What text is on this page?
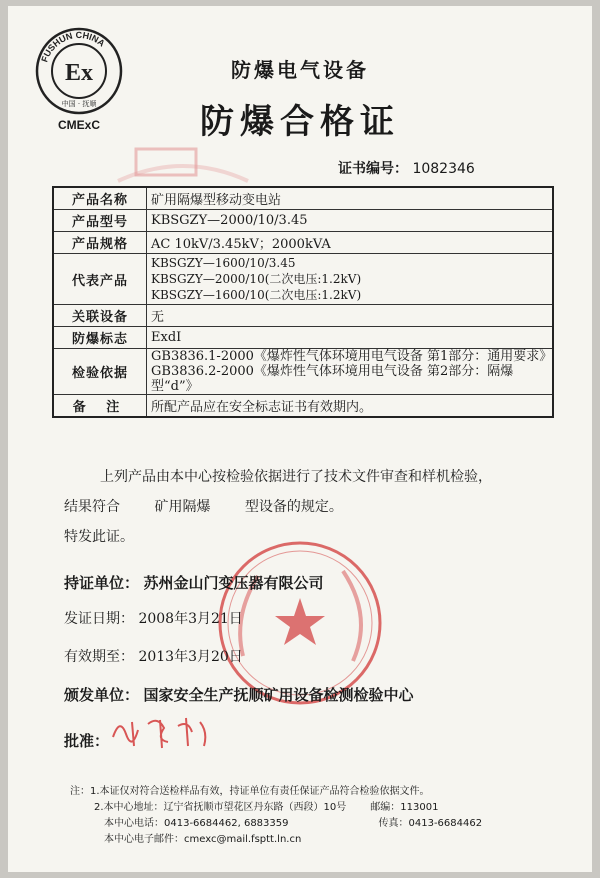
FUSHUN CHINA
Ex
中国 · 抚顺
CMExC
防爆电气设备
防爆合格证
证书编号： 1082346
产品名称	矿用隔爆型移动变电站
产品型号	KBSGZY—2000/10/3.45
产品规格	AC 10kV/3.45kV；2000kVA
代表产品	KBSGZY—1600/10/3.45
KBSGZY—2000/10(二次电压:1.2kV)
KBSGZY—1600/10(二次电压:1.2kV)

关联设备	无
防爆标志	ExdI
检验依据	GB3836.1-2000《爆炸性气体环境用电气设备 第1部分：通用要求》
GB3836.2-2000《爆炸性气体环境用电气设备 第2部分：隔爆型“d”》

备 注	所配产品应在安全标志证书有效期内。
上列产品由本中心按检验依据进行了技术文件审查和样机检验，
结果符合 矿用隔爆 型设备的规定。
特发此证。
持证单位： 苏州金山门变压器有限公司
发证日期： 2008年3月21日
有效期至： 2013年3月20日
颁发单位： 国家安全生产抚顺矿用设备检测检验中心
批准：
注：1.本证仅对符合送检样品有效，持证单位有责任保证产品符合检验依据文件。
2.本中心地址：辽宁省抚顺市望花区丹东路（西段）10号 邮编：113001
本中心电话：0413-6684462, 6883359	传真：0413-6684462
本中心电子邮件：cmexc@mail.fsptt.ln.cn
